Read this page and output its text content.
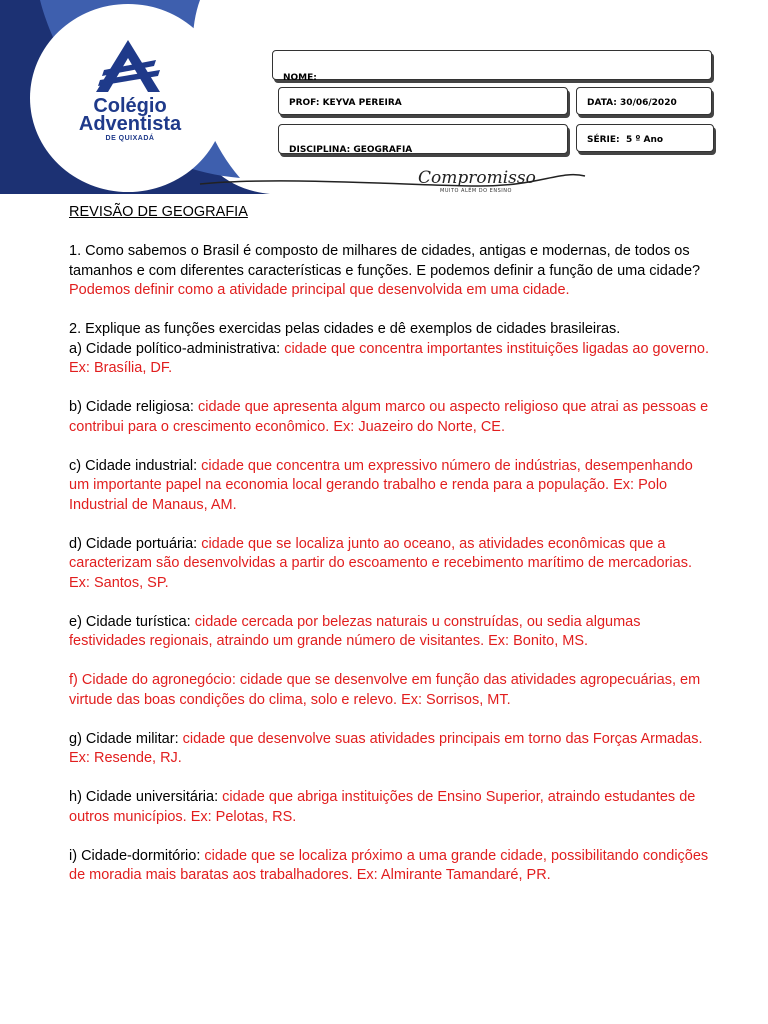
Colégio
Adventista
DE QUIXADÁ
NOME:
PROF: KEYVA PEREIRA	DATA: 30/06/2020
DISCIPLINA: GEOGRAFIA
SÉRIE: 5 º Ano
Compromisso
MUITO ALÉM DO ENSINO
REVISÃO DE GEOGRAFIA

1. Como sabemos o Brasil é composto de milhares de cidades, antigas e modernas, de todos os tamanhos e com diferentes características e funções. E podemos definir a função de uma cidade?
Podemos definir como a atividade principal que desenvolvida em uma cidade.

2. Explique as funções exercidas pelas cidades e dê exemplos de cidades brasileiras.
a) Cidade político-administrativa: cidade que concentra importantes instituições ligadas ao governo. Ex: Brasília, DF.

b) Cidade religiosa: cidade que apresenta algum marco ou aspecto religioso que atrai as pessoas e contribui para o crescimento econômico. Ex: Juazeiro do Norte, CE.

c) Cidade industrial: cidade que concentra um expressivo número de indústrias, desempenhando um importante papel na economia local gerando trabalho e renda para a população. Ex: Polo Industrial de Manaus, AM.

d) Cidade portuária: cidade que se localiza junto ao oceano, as atividades econômicas que a caracterizam são desenvolvidas a partir do escoamento e recebimento marítimo de mercadorias. Ex: Santos, SP.

e) Cidade turística: cidade cercada por belezas naturais u construídas, ou sedia algumas festividades regionais, atraindo um grande número de visitantes. Ex: Bonito, MS.

f) Cidade do agronegócio: cidade que se desenvolve em função das atividades agropecuárias, em virtude das boas condições do clima, solo e relevo. Ex: Sorrisos, MT.

g) Cidade militar: cidade que desenvolve suas atividades principais em torno das Forças Armadas. Ex: Resende, RJ.

h) Cidade universitária: cidade que abriga instituições de Ensino Superior, atraindo estudantes de outros municípios. Ex: Pelotas, RS.

i) Cidade-dormitório: cidade que se localiza próximo a uma grande cidade, possibilitando condições de moradia mais baratas aos trabalhadores. Ex: Almirante Tamandaré, PR.
